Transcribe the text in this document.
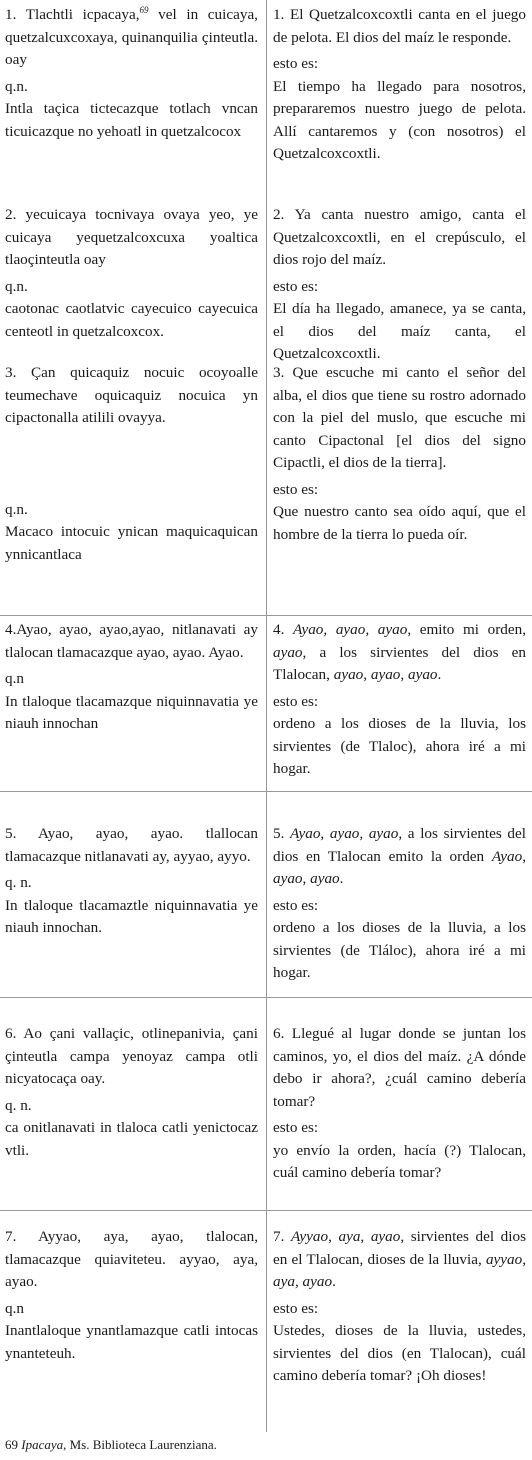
1. Tlachtli icpacaya,$^{69}$ vel in cuicaya, quetzalcuxcoxaya, quinanquilia çinteutla. oay

q.n.

Intla taçica tictecazque totlach vncan ticuicazque no yehoatl in quetzalcocox

1. El Quetzalcoxcoxtli canta en el juego de pelota. El dios del maíz le responde.

esto es:

El tiempo ha llegado para nosotros, prepararemos nuestro juego de pelota. Allí cantaremos y (con nosotros) el Quetzalcoxcoxtli.

2. yecuicaya tocnivaya ovaya yeo, ye cuicaya yequetzalcoxcuxa yoaltica tlaoçinteutla oay

q.n.

caotonac caotlatvic cayecuico cayecuica centeotl in quetzalcoxcox.

2. Ya canta nuestro amigo, canta el Quetzalcoxcoxtli, en el crepúsculo, el dios rojo del maíz.

esto es:

El día ha llegado, amanece, ya se canta, el dios del maíz canta, el Quetzalcoxcoxtli.

3. Çan quicaquiz nocuic ocoyoalle teumechave oquicaquiz nocuica yn cipactonalla atilili ovayya.

q.n.

Macaco intocuic ynican maquicaquican ynnicantlaca

3. Que escuche mi canto el señor del alba, el dios que tiene su rostro adornado con la piel del muslo, que escuche mi canto Cipactonal [el dios del signo Cipactli, el dios de la tierra].

esto es:

Que nuestro canto sea oído aquí, que el hombre de la tierra lo pueda oír.

4.Ayao, ayao, ayao,ayao, nitlanavati ay tlalocan tlamacazque ayao, ayao. Ayao.

q.n

In tlaloque tlacamazque niquinnavatia ye niauh innochan

4. Ayao, ayao, ayao, emito mi orden, ayao, a los sirvientes del dios en Tlalocan, ayao, ayao, ayao.

esto es:

ordeno a los dioses de la lluvia, los sirvientes (de Tlaloc), ahora iré a mi hogar.

5. Ayao, ayao, ayao. tlallocan tlamacazque nitlanavati ay, ayyao, ayyo.

q. n.

In tlaloque tlacamaztle niquinnavatia ye niauh innochan.

5. Ayao, ayao, ayao, a los sirvientes del dios en Tlalocan emito la orden Ayao, ayao, ayao.

esto es:

ordeno a los dioses de la lluvia, a los sirvientes (de Tláloc), ahora iré a mi hogar.

6. Ao çani vallaçic, otlinepanivia, çani çinteutla campa yenoyaz campa otli nicyatocaça oay.

q. n.

ca onitlanavati in tlaloca catli yenictocaz vtli.

6. Llegué al lugar donde se juntan los caminos, yo, el dios del maíz. ¿A dónde debo ir ahora?, ¿cuál camino debería tomar?

esto es:

yo envío la orden, hacía (?) Tlalocan, cuál camino debería tomar?

7. Ayyao, aya, ayao, tlalocan, tlamacazque quiaviteteu. ayyao, aya, ayao.

q.n

Inantlaloque ynantlamazque catli intocas ynanteteuh.

7. Ayyao, aya, ayao, sirvientes del dios en el Tlalocan, dioses de la lluvia, ayyao, aya, ayao.

esto es:

Ustedes, dioses de la lluvia, ustedes, sirvientes del dios (en Tlalocan), cuál camino debería tomar? ¡Oh dioses!

69 Ipacaya, Ms. Biblioteca Laurenziana.
